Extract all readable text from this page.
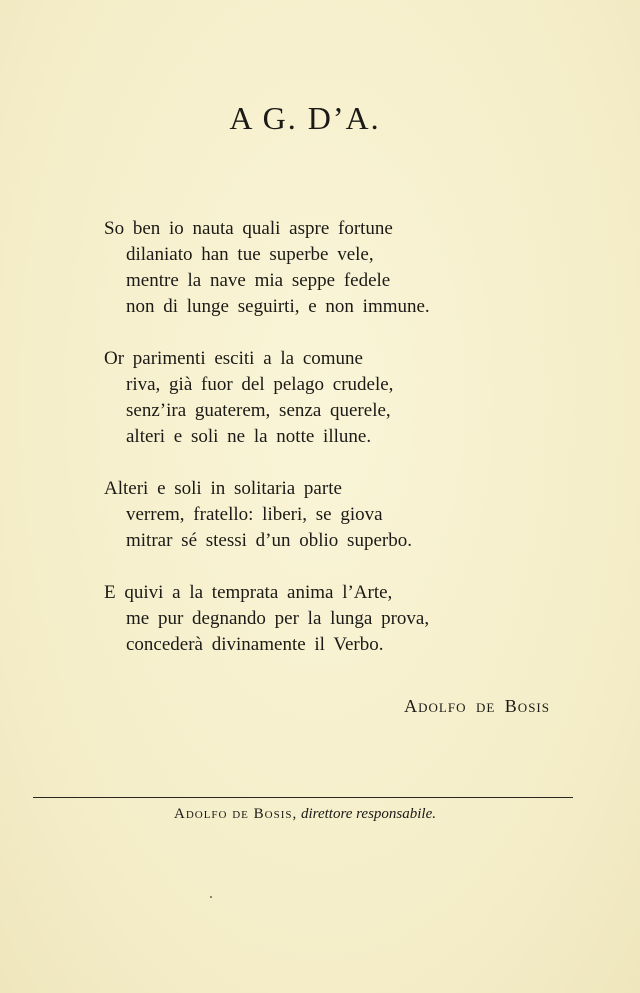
A G. D’A.
So ben io nauta quali aspre fortune
dilaniato han tue superbe vele,
mentre la nave mia seppe fedele
non di lunge seguirti, e non immune.
Or parimenti esciti a la comune
riva, già fuor del pelago crudele,
senz’ira guaterem, senza querele,
alteri e soli ne la notte illune.
Alteri e soli in solitaria parte
verrem, fratello: liberi, se giova
mitrar sé stessi d’un oblio superbo.
E quivi a la temprata anima l’Arte,
me pur degnando per la lunga prova,
concederà divinamente il Verbo.
Adolfo de Bosis
Adolfo de Bosis, direttore responsabile.
